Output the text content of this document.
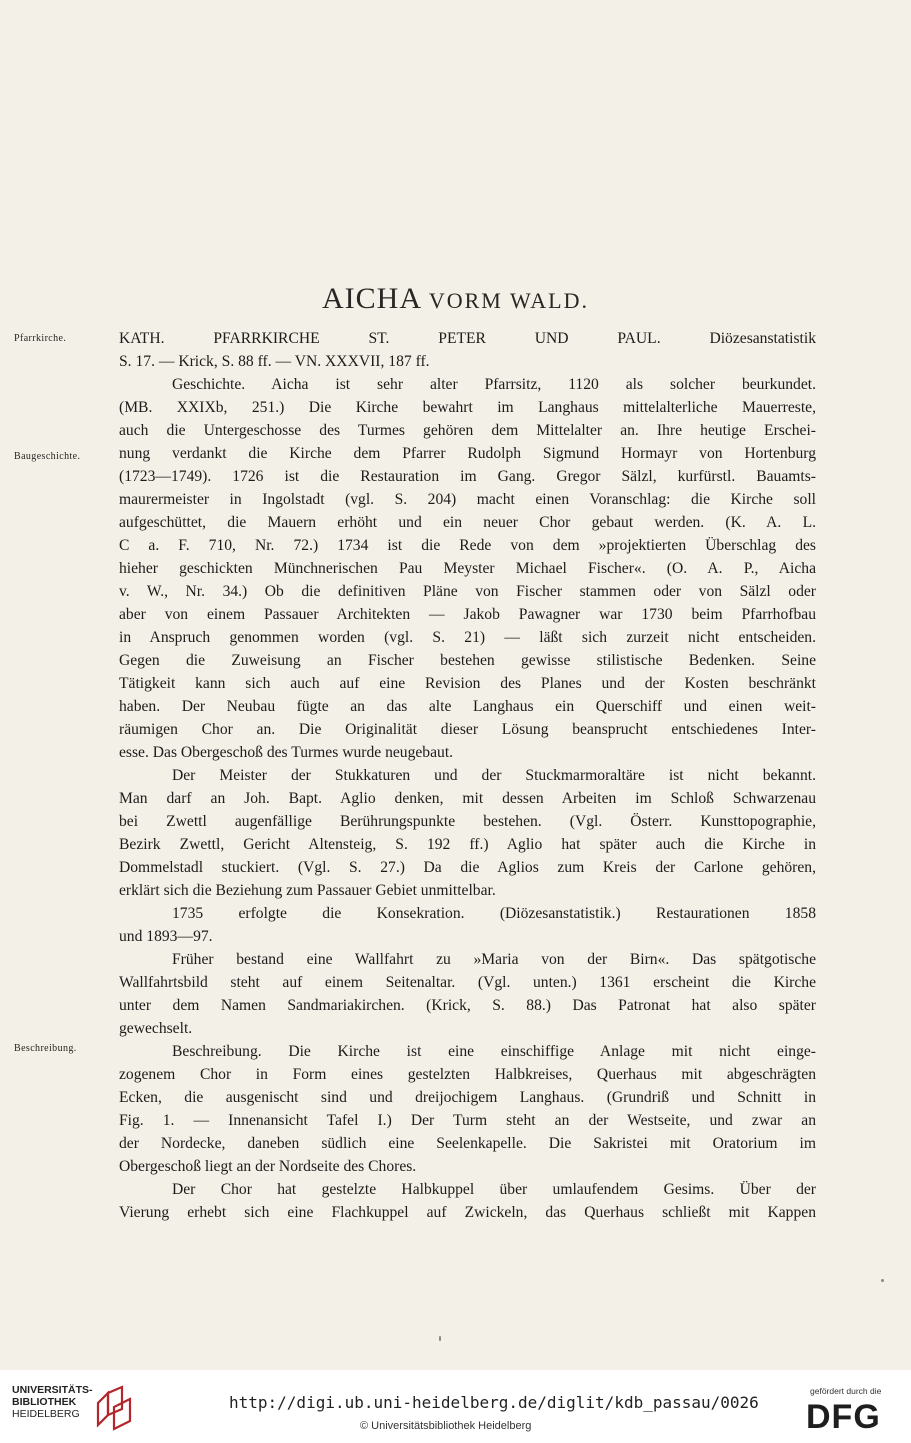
AICHA VORM WALD.
Pfarrkirche.
Baugeschichte.
Beschreibung.
KATH. PFARRKIRCHE ST. PETER UND PAUL. Diözesanstatistik
S. 17. — Krick, S. 88 ff. — VN. XXXVII, 187 ff.
Geschichte. Aicha ist sehr alter Pfarrsitz, 1120 als solcher beurkundet.
(MB. XXIXb, 251.) Die Kirche bewahrt im Langhaus mittelalterliche Mauerreste,
auch die Untergeschosse des Turmes gehören dem Mittelalter an. Ihre heutige Erschei-
nung verdankt die Kirche dem Pfarrer Rudolph Sigmund Hormayr von Hortenburg
(1723—1749). 1726 ist die Restauration im Gang. Gregor Sälzl, kurfürstl. Bauamts-
maurermeister in Ingolstadt (vgl. S. 204) macht einen Voranschlag: die Kirche soll
aufgeschüttet, die Mauern erhöht und ein neuer Chor gebaut werden. (K. A. L.
C a. F. 710, Nr. 72.) 1734 ist die Rede von dem »projektierten Überschlag des
hieher geschickten Münchnerischen Pau Meyster Michael Fischer«. (O. A. P., Aicha
v. W., Nr. 34.) Ob die definitiven Pläne von Fischer stammen oder von Sälzl oder
aber von einem Passauer Architekten — Jakob Pawagner war 1730 beim Pfarrhofbau
in Anspruch genommen worden (vgl. S. 21) — läßt sich zurzeit nicht entscheiden.
Gegen die Zuweisung an Fischer bestehen gewisse stilistische Bedenken. Seine
Tätigkeit kann sich auch auf eine Revision des Planes und der Kosten beschränkt
haben. Der Neubau fügte an das alte Langhaus ein Querschiff und einen weit-
räumigen Chor an. Die Originalität dieser Lösung beansprucht entschiedenes Inter-
esse. Das Obergeschoß des Turmes wurde neugebaut.
Der Meister der Stukkaturen und der Stuckmarmoraltäre ist nicht bekannt.
Man darf an Joh. Bapt. Aglio denken, mit dessen Arbeiten im Schloß Schwarzenau
bei Zwettl augenfällige Berührungspunkte bestehen. (Vgl. Österr. Kunsttopographie,
Bezirk Zwettl, Gericht Altensteig, S. 192 ff.) Aglio hat später auch die Kirche in
Dommelstadl stuckiert. (Vgl. S. 27.) Da die Aglios zum Kreis der Carlone gehören,
erklärt sich die Beziehung zum Passauer Gebiet unmittelbar.
1735 erfolgte die Konsekration. (Diözesanstatistik.) Restaurationen 1858
und 1893—97.
Früher bestand eine Wallfahrt zu »Maria von der Birn«. Das spätgotische
Wallfahrtsbild steht auf einem Seitenaltar. (Vgl. unten.) 1361 erscheint die Kirche
unter dem Namen Sandmariakirchen. (Krick, S. 88.) Das Patronat hat also später
gewechselt.
Beschreibung. Die Kirche ist eine einschiffige Anlage mit nicht einge-
zogenem Chor in Form eines gestelzten Halbkreises, Querhaus mit abgeschrägten
Ecken, die ausgenischt sind und dreijochigem Langhaus. (Grundriß und Schnitt in
Fig. 1. — Innenansicht Tafel I.) Der Turm steht an der Westseite, und zwar an
der Nordecke, daneben südlich eine Seelenkapelle. Die Sakristei mit Oratorium im
Obergeschoß liegt an der Nordseite des Chores.
Der Chor hat gestelzte Halbkuppel über umlaufendem Gesims. Über der
Vierung erhebt sich eine Flachkuppel auf Zwickeln, das Querhaus schließt mit Kappen
UNIVERSITÄTS-
BIBLIOTHEK
HEIDELBERG
http://digi.ub.uni-heidelberg.de/diglit/kdb_passau/0026
© Universitätsbibliothek Heidelberg
gefördert durch die
DFG
